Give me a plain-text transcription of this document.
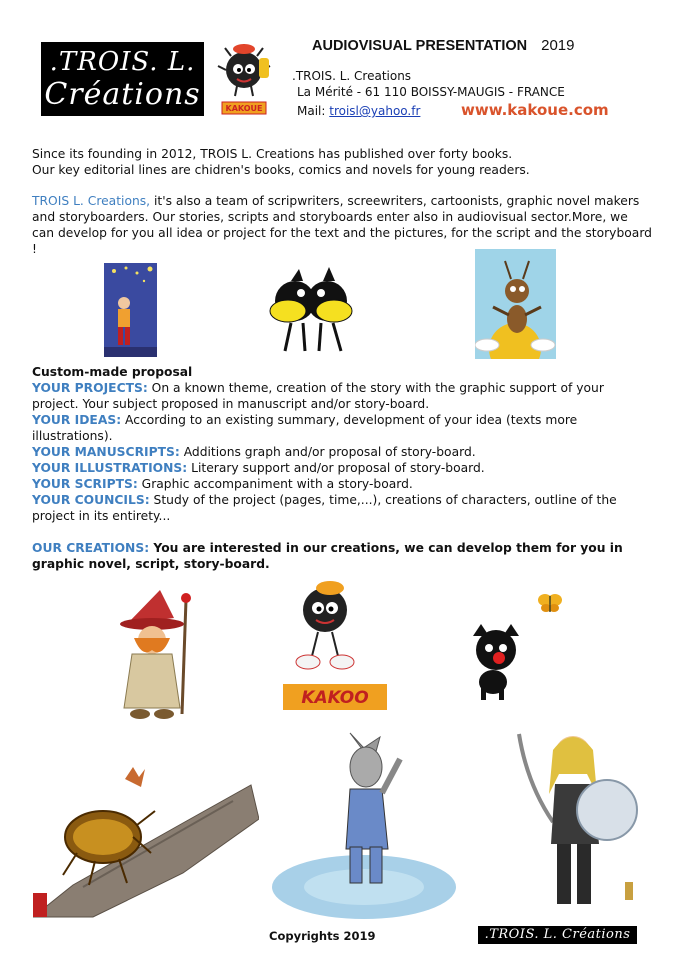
.TROIS. L.
Créations	KAKOUE
AUDIOVISUAL PRESENTATION 2019
.TROIS. L. Creations
La Mérité - 61 110 BOISSY-MAUGIS - FRANCE
Mail: troisl@yahoo.fr	www.kakoue.com
Since its founding in 2012, TROIS L. Creations has published over forty books.
Our key editorial lines are chidren's books, comics and novels for young readers.
TROIS L. Creations, it's also a team of scripwriters, screewriters, cartoonists, graphic novel makers and storyboarders. Our stories, scripts and storyboards enter also in audiovisual sector.More, we can develop for you all idea or project for the text and the pictures, for the script and the storyboard !
Custom-made proposal
YOUR PROJECTS: On a known theme, creation of the story with the graphic support of your project. Your subject proposed in manuscript and/or story-board.
YOUR IDEAS: According to an existing summary, development of your idea (texts more illustrations).
YOUR MANUSCRIPTS: Additions graph and/or proposal of story-board.
YOUR ILLUSTRATIONS: Literary support and/or proposal of story-board.
YOUR SCRIPTS: Graphic accompaniment with a story-board.
YOUR COUNCILS: Study of the project (pages, time,...), creations of characters, outline of the project in its entirety...
OUR CREATIONS: You are interested in our creations, we can develop them for you in graphic novel, script, story-board.
KAKOO
Copyrights 2019	.TROIS. L. Créations
